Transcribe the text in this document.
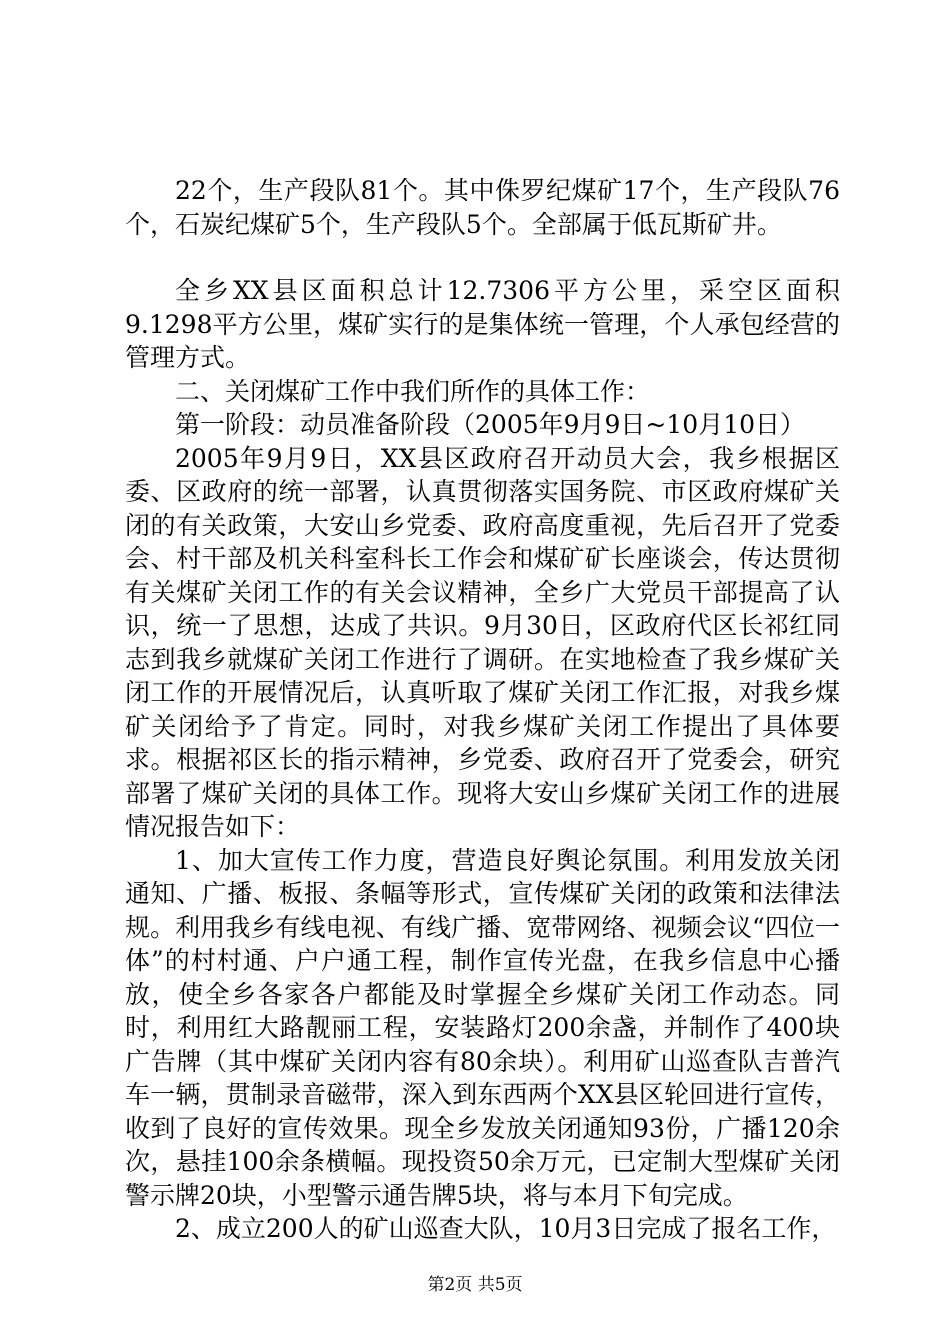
22个，生产段队81个。其中侏罗纪煤矿17个，生产段队76个，石炭纪煤矿5个，生产段队5个。全部属于低瓦斯矿井。

全乡XX县区面积总计12.7306平方公里，采空区面积9.1298平方公里，煤矿实行的是集体统一管理，个人承包经营的管理方式。

二、关闭煤矿工作中我们所作的具体工作：

第一阶段：动员准备阶段（2005年9月9日~10月10日）

2005年9月9日，XX县区政府召开动员大会，我乡根据区委、区政府的统一部署，认真贯彻落实国务院、市区政府煤矿关闭的有关政策，大安山乡党委、政府高度重视，先后召开了党委会、村干部及机关科室科长工作会和煤矿矿长座谈会，传达贯彻有关煤矿关闭工作的有关会议精神，全乡广大党员干部提高了认识，统一了思想，达成了共识。9月30日，区政府代区长祁红同志到我乡就煤矿关闭工作进行了调研。在实地检查了我乡煤矿关闭工作的开展情况后，认真听取了煤矿关闭工作汇报，对我乡煤矿关闭给予了肯定。同时，对我乡煤矿关闭工作提出了具体要求。根据祁区长的指示精神，乡党委、政府召开了党委会，研究部署了煤矿关闭的具体工作。现将大安山乡煤矿关闭工作的进展情况报告如下：

1、加大宣传工作力度，营造良好舆论氛围。利用发放关闭通知、广播、板报、条幅等形式，宣传煤矿关闭的政策和法律法规。利用我乡有线电视、有线广播、宽带网络、视频会议“四位一体”的村村通、户户通工程，制作宣传光盘，在我乡信息中心播放，使全乡各家各户都能及时掌握全乡煤矿关闭工作动态。同时，利用红大路靓丽工程，安装路灯200余盏，并制作了400块广告牌（其中煤矿关闭内容有80余块）。利用矿山巡查队吉普汽车一辆，贯制录音磁带，深入到东西两个XX县区轮回进行宣传，收到了良好的宣传效果。现全乡发放关闭通知93份，广播120余次，悬挂100余条横幅。现投资50余万元，已定制大型煤矿关闭警示牌20块，小型警示通告牌5块，将与本月下旬完成。

2、成立200人的矿山巡查大队，10月3日完成了报名工作，

第2页 共5页
